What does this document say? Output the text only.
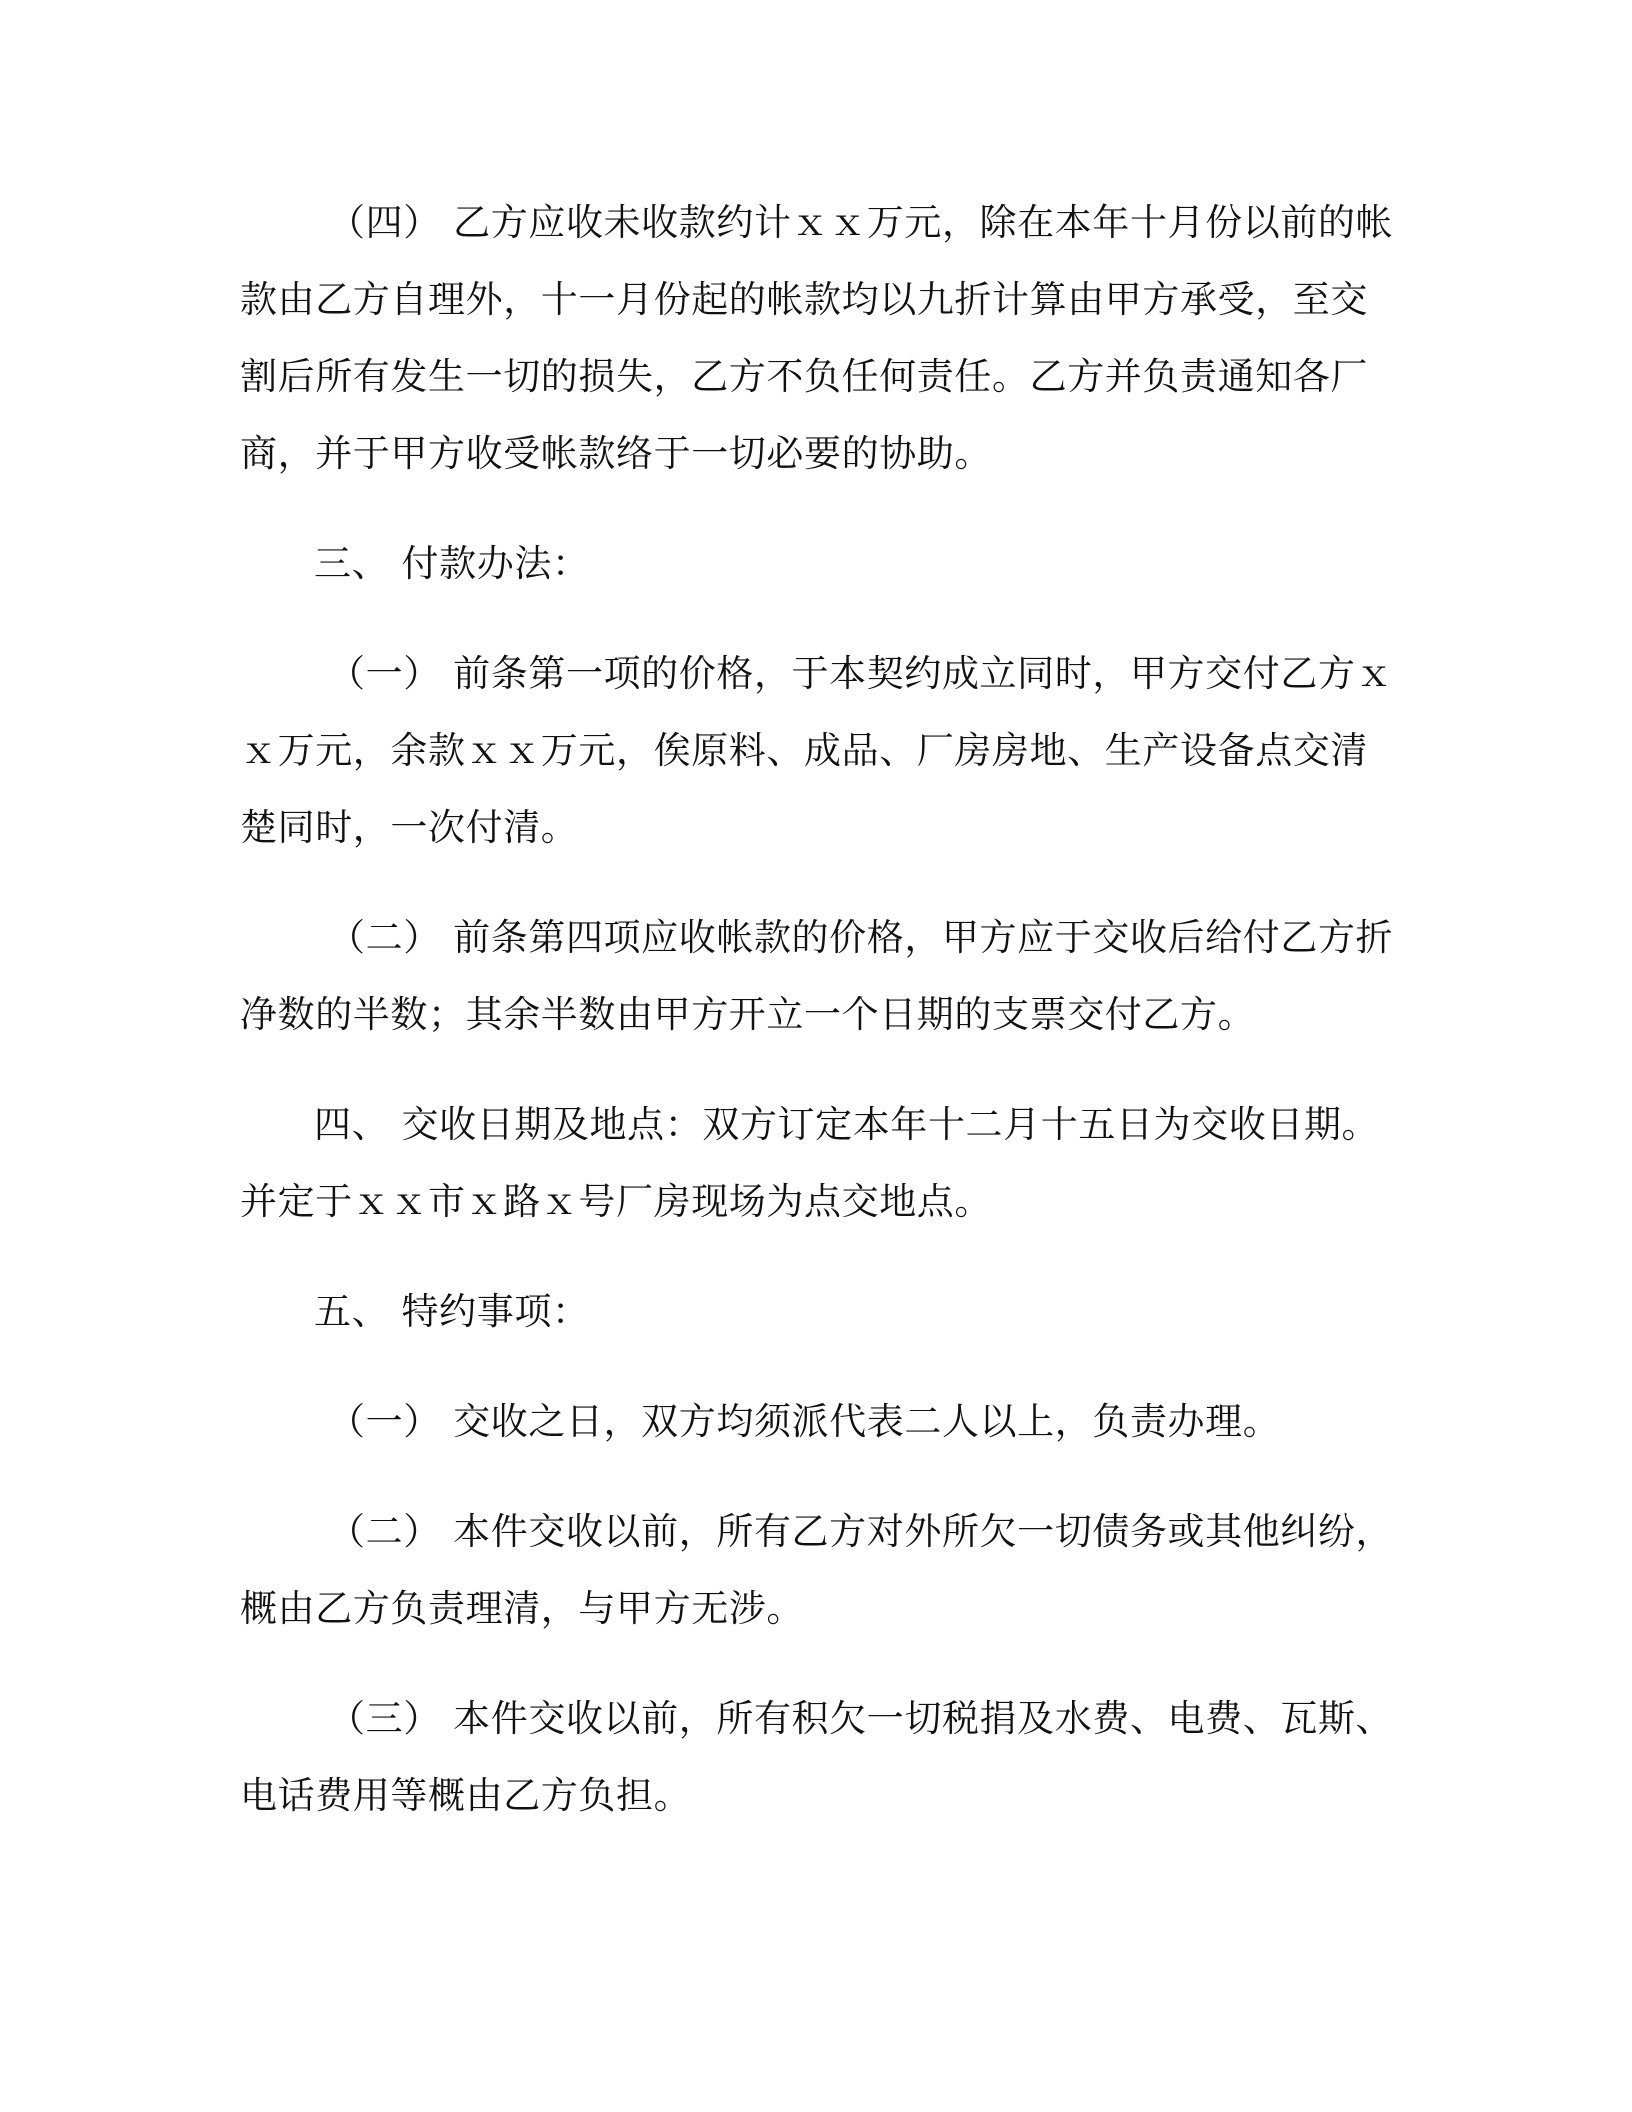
（四） 乙方应收未收款约计ｘｘ万元，除在本年十月份以前的帐款由乙方自理外，十一月份起的帐款均以九折计算由甲方承受，至交割后所有发生一切的损失，乙方不负任何责任。乙方并负责通知各厂商，并于甲方收受帐款络于一切必要的协助。

三、 付款办法：

（一） 前条第一项的价格，于本契约成立同时，甲方交付乙方ｘｘ万元，余款ｘｘ万元，俟原料、成品、厂房房地、生产设备点交清楚同时，一次付清。

（二） 前条第四项应收帐款的价格，甲方应于交收后给付乙方折净数的半数；其余半数由甲方开立一个日期的支票交付乙方。

四、 交收日期及地点：双方订定本年十二月十五日为交收日期。并定于ｘｘ市ｘ路ｘ号厂房现场为点交地点。

五、 特约事项：

（一） 交收之日，双方均须派代表二人以上，负责办理。

（二） 本件交收以前，所有乙方对外所欠一切债务或其他纠纷，概由乙方负责理清，与甲方无涉。

（三） 本件交收以前，所有积欠一切税捐及水费、电费、瓦斯、电话费用等概由乙方负担。
